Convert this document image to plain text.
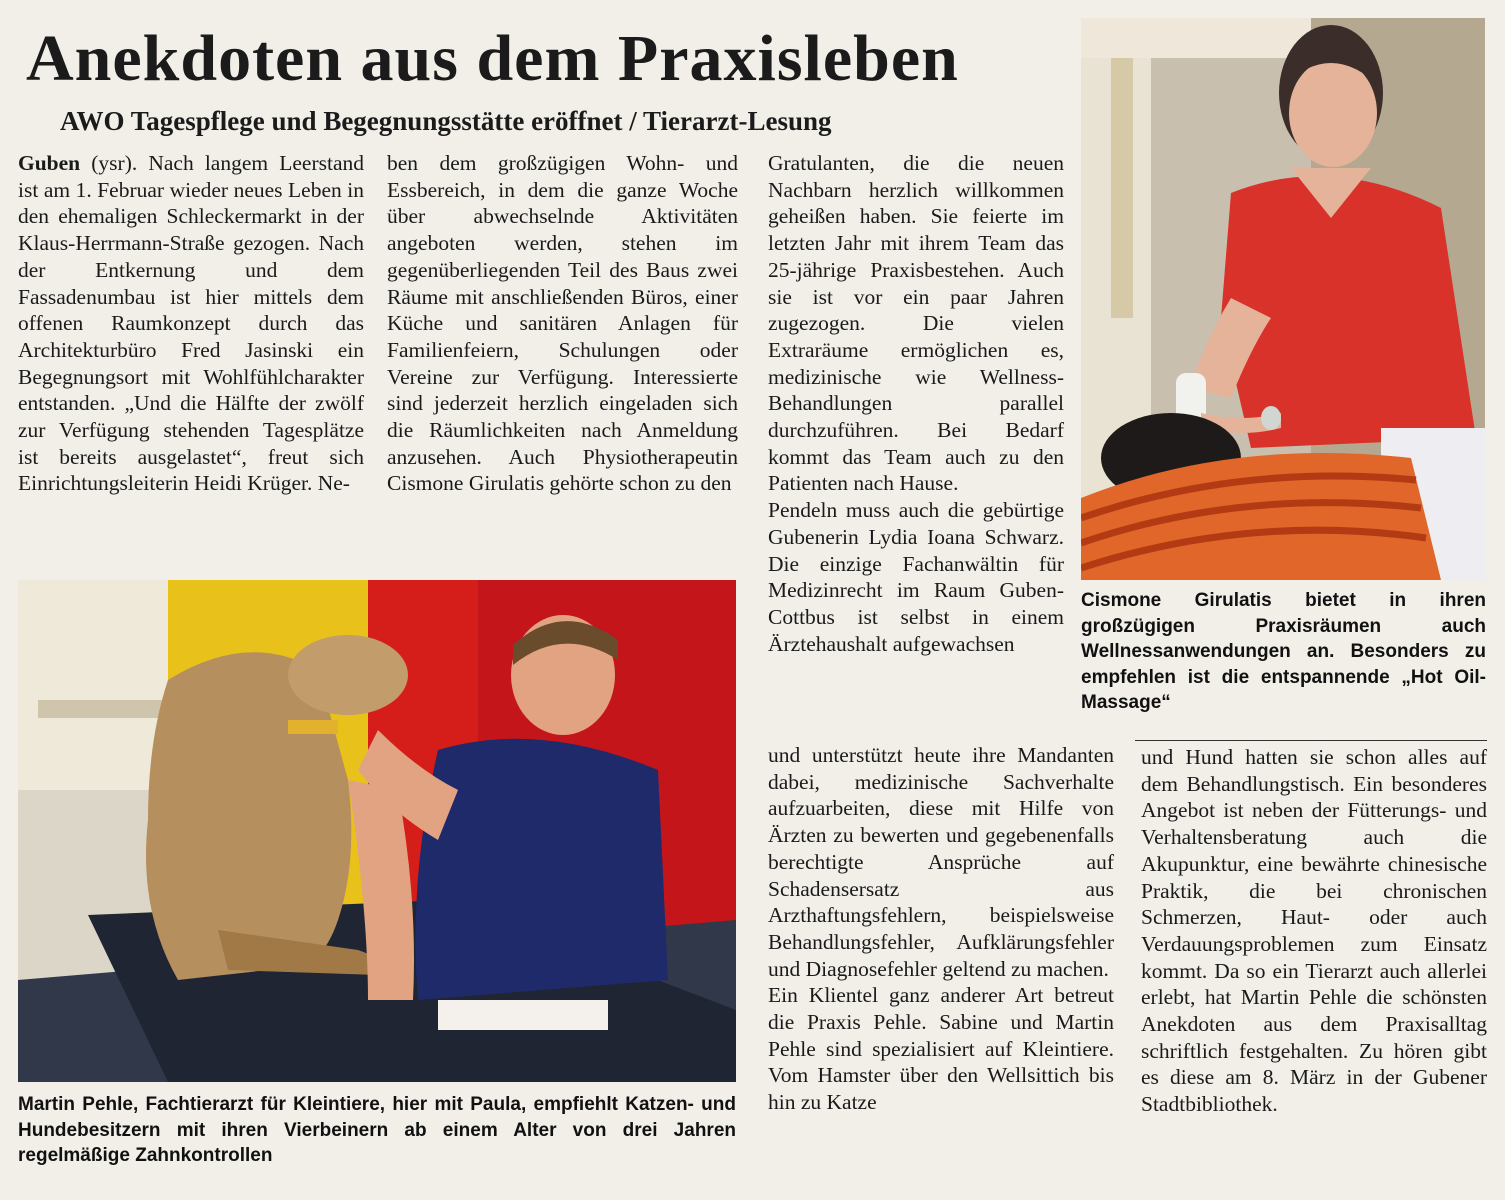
Anekdoten aus dem Praxisleben
AWO Tagespflege und Begegnungsstätte eröffnet / Tierarzt-Lesung

Guben (ysr). Nach langem Leerstand ist am 1. Februar wieder neues Leben in den ehemaligen Schleckermarkt in der Klaus-Herrmann-Straße gezogen. Nach der Entkernung und dem Fassadenumbau ist hier mittels dem offenen Raumkonzept durch das Architekturbüro Fred Jasinski ein Begegnungsort mit Wohlfühlcharakter entstanden. „Und die Hälfte der zwölf zur Verfügung stehenden Tagesplätze ist bereits ausgelastet“, freut sich Einrichtungsleiterin Heidi Krüger. Ne-

ben dem großzügigen Wohn- und Essbereich, in dem die ganze Woche über abwechselnde Aktivitäten angeboten werden, stehen im gegenüberliegenden Teil des Baus zwei Räume mit anschließenden Büros, einer Küche und sanitären Anlagen für Familienfeiern, Schulungen oder Vereine zur Verfügung. Interessierte sind jederzeit herzlich eingeladen sich die Räumlichkeiten nach Anmeldung anzusehen. Auch Physiotherapeutin Cismone Girulatis gehörte schon zu den

Gratulanten, die die neuen Nachbarn herzlich willkommen geheißen haben. Sie feierte im letzten Jahr mit ihrem Team das 25-jährige Praxisbestehen. Auch sie ist vor ein paar Jahren zugezogen. Die vielen Extraräume ermöglichen es, medizinische wie Wellness-Behandlungen parallel durchzuführen. Bei Bedarf kommt das Team auch zu den Patienten nach Hause.

Pendeln muss auch die gebürtige Gubenerin Lydia Ioana Schwarz. Die einzige Fachanwältin für Medizinrecht im Raum Guben-Cottbus ist selbst in einem Ärztehaushalt aufgewachsen

Cismone Girulatis bietet in ihren großzügigen Praxisräumen auch Wellnessanwendungen an. Besonders zu empfehlen ist die entspannende „Hot Oil-Massage“

und unterstützt heute ihre Mandanten dabei, medizinische Sachverhalte aufzuarbeiten, diese mit Hilfe von Ärzten zu bewerten und gegebenenfalls berechtigte Ansprüche auf Schadensersatz aus Arzthaftungsfehlern, beispielsweise Behandlungsfehler, Aufklärungsfehler und Diagnosefehler geltend zu machen.

Ein Klientel ganz anderer Art betreut die Praxis Pehle. Sabine und Martin Pehle sind spezialisiert auf Kleintiere. Vom Hamster über den Wellsittich bis hin zu Katze

und Hund hatten sie schon alles auf dem Behandlungstisch. Ein besonderes Angebot ist neben der Fütterungs- und Verhaltensberatung auch die Akupunktur, eine bewährte chinesische Praktik, die bei chronischen Schmerzen, Haut- oder auch Verdauungsproblemen zum Einsatz kommt. Da so ein Tierarzt auch allerlei erlebt, hat Martin Pehle die schönsten Anekdoten aus dem Praxisalltag schriftlich festgehalten. Zu hören gibt es diese am 8. März in der Gubener Stadtbibliothek.

Martin Pehle, Fachtierarzt für Kleintiere, hier mit Paula, empfiehlt Katzen- und Hundebesitzern mit ihren Vierbeinern ab einem Alter von drei Jahren regelmäßige Zahnkontrollen
